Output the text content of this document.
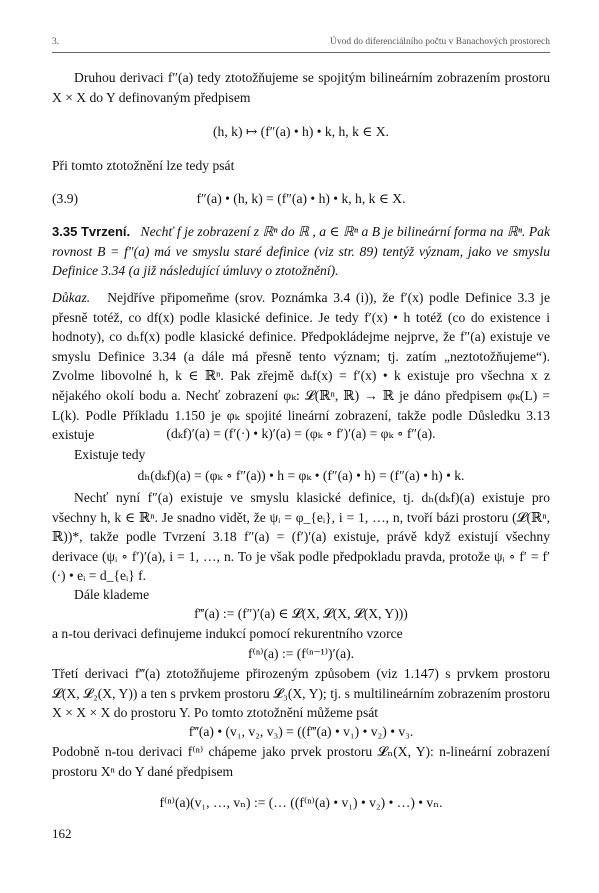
3.	Úvod do diferenciálního počtu v Banachových prostorech

Druhou derivaci f″(a) tedy ztotožňujeme se spojitým bilineárním zobrazením prostoru X × X do Y definovaným předpisem

(h, k) ↦ (f″(a) • h) • k, h, k ∈ X.

Při tomto ztotožnění lze tedy psát

(3.9)	f″(a) • (h, k) = (f″(a) • h) • k, h, k ∈ X.

3.35 Tvrzení. Nechť f je zobrazení z ℝⁿ do ℝ , a ∈ ℝⁿ a B je bilineární forma na ℝⁿ. Pak rovnost B = f″(a) má ve smyslu staré definice (viz str. 89) tentýž význam, jako ve smyslu Definice 3.34 (a již následující úmluvy o ztotožnění).

Důkaz. Nejdříve připomeňme (srov. Poznámka 3.4 (i)), že f′(x) podle Definice 3.3 je přesně totéž, co df(x) podle klasické definice. Je tedy f′(x) • h totéž (co do existence i hodnoty), co dₕf(x) podle klasické definice. Předpokládejme nejprve, že f″(a) existuje ve smyslu Definice 3.34 (a dále má přesně tento význam; tj. zatím „neztotožňujeme“). Zvolme libovolné h, k ∈ ℝⁿ. Pak zřejmě dₖf(x) = f′(x) • k existuje pro všechna x z nějakého okolí bodu a. Nechť zobrazení φₖ: 𝓛(ℝⁿ, ℝ) → ℝ je dáno předpisem φₖ(L) = L(k). Podle Příkladu 1.150 je φₖ spojité lineární zobrazení, takže podle Důsledku 3.13 existuje	(dₖf)′(a) = (f′(·) • k)′(a) = (φₖ ∘ f′)′(a) = φₖ ∘ f″(a).

Existuje tedy

dₕ(dₖf)(a) = (φₖ ∘ f″(a)) • h = φₖ • (f″(a) • h) = (f″(a) • h) • k.

Nechť nyní f″(a) existuje ve smyslu klasické definice, tj. dₕ(dₖf)(a) existuje pro všechny h, k ∈ ℝⁿ. Je snadno vidět, že ψᵢ = φ_{eᵢ}, i = 1, …, n, tvoří bázi prostoru (𝓛(ℝⁿ, ℝ))*, takže podle Tvrzení 3.18 f″(a) = (f′)′(a) existuje, právě když existují všechny derivace (ψᵢ ∘ f′)′(a), i = 1, …, n. To je však podle předpokladu pravda, protože ψᵢ ∘ f′ = f′(·) • eᵢ = d_{eᵢ} f.

Dále klademe

f‴(a) := (f″)′(a) ∈ 𝓛(X, 𝓛(X, 𝓛(X, Y)))

a n-tou derivaci definujeme indukcí pomocí rekurentního vzorce

f⁽ⁿ⁾(a) := (f⁽ⁿ⁻¹⁾)′(a).

Třetí derivaci f‴(a) ztotožňujeme přirozeným způsobem (viz 1.147) s prvkem prostoru 𝓛(X, 𝓛₂(X, Y)) a ten s prvkem prostoru 𝓛₃(X, Y); tj. s multilineárním zobrazením prostoru X × X × X do prostoru Y. Po tomto ztotožnění můžeme psát

f‴(a) • (v₁, v₂, v₃) = ((f‴(a) • v₁) • v₂) • v₃.

Podobně n-tou derivaci f⁽ⁿ⁾ chápeme jako prvek prostoru 𝓛ₙ(X, Y): n-lineární zobrazení prostoru Xⁿ do Y dané předpisem

f⁽ⁿ⁾(a)(v₁, …, vₙ) := (… ((f⁽ⁿ⁾(a) • v₁) • v₂) • …) • vₙ.
162
